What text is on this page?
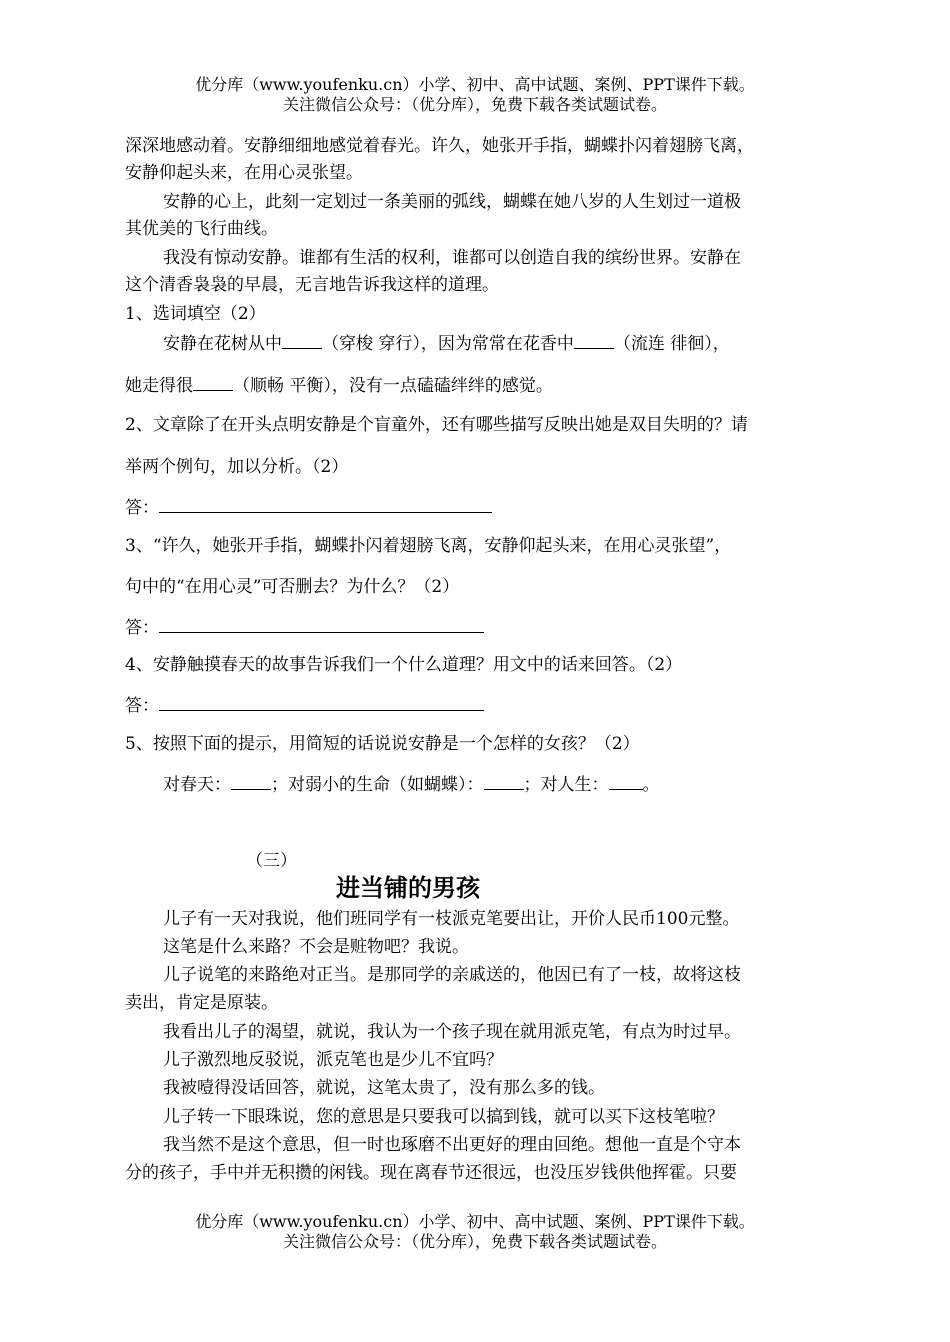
优分库（www.youfenku.cn）小学、初中、高中试题、案例、PPT课件下载。
关注微信公众号：（优分库），免费下载各类试题试卷。
深深地感动着。安静细细地感觉着春光。许久，她张开手指，蝴蝶扑闪着翅膀飞离，
安静仰起头来，在用心灵张望。
安静的心上，此刻一定划过一条美丽的弧线，蝴蝶在她八岁的人生划过一道极
其优美的飞行曲线。
我没有惊动安静。谁都有生活的权利，谁都可以创造自我的缤纷世界。安静在
这个清香袅袅的早晨，无言地告诉我这样的道理。
1、选词填空（2）
安静在花树从中 （穿梭 穿行），因为常常在花香中 （流连 徘徊），
她走得很 （顺畅 平衡），没有一点磕磕绊绊的感觉。
2、文章除了在开头点明安静是个盲童外，还有哪些描写反映出她是双目失明的？请
举两个例句，加以分析。（2）
答：
3、“许久，她张开手指，蝴蝶扑闪着翅膀飞离，安静仰起头来，在用心灵张望”，
句中的“在用心灵”可否删去？为什么？（2）
答：
4、安静触摸春天的故事告诉我们一个什么道理？用文中的话来回答。（2）
答：
5、按照下面的提示，用简短的话说说安静是一个怎样的女孩？（2）
对春天： ；对弱小的生命（如蝴蝶）： ；对人生： 。
（三）
进当铺的男孩
儿子有一天对我说，他们班同学有一枝派克笔要出让，开价人民币100元整。
这笔是什么来路？不会是赃物吧？我说。
儿子说笔的来路绝对正当。是那同学的亲戚送的，他因已有了一枝，故将这枝
卖出，肯定是原装。
我看出儿子的渴望，就说，我认为一个孩子现在就用派克笔，有点为时过早。
儿子激烈地反驳说，派克笔也是少儿不宜吗？
我被噎得没话回答，就说，这笔太贵了，没有那么多的钱。
儿子转一下眼珠说，您的意思是只要我可以搞到钱，就可以买下这枝笔啦？
我当然不是这个意思，但一时也琢磨不出更好的理由回绝。想他一直是个守本
分的孩子，手中并无积攒的闲钱。现在离春节还很远，也没压岁钱供他挥霍。只要
优分库（www.youfenku.cn）小学、初中、高中试题、案例、PPT课件下载。
关注微信公众号：（优分库），免费下载各类试题试卷。
